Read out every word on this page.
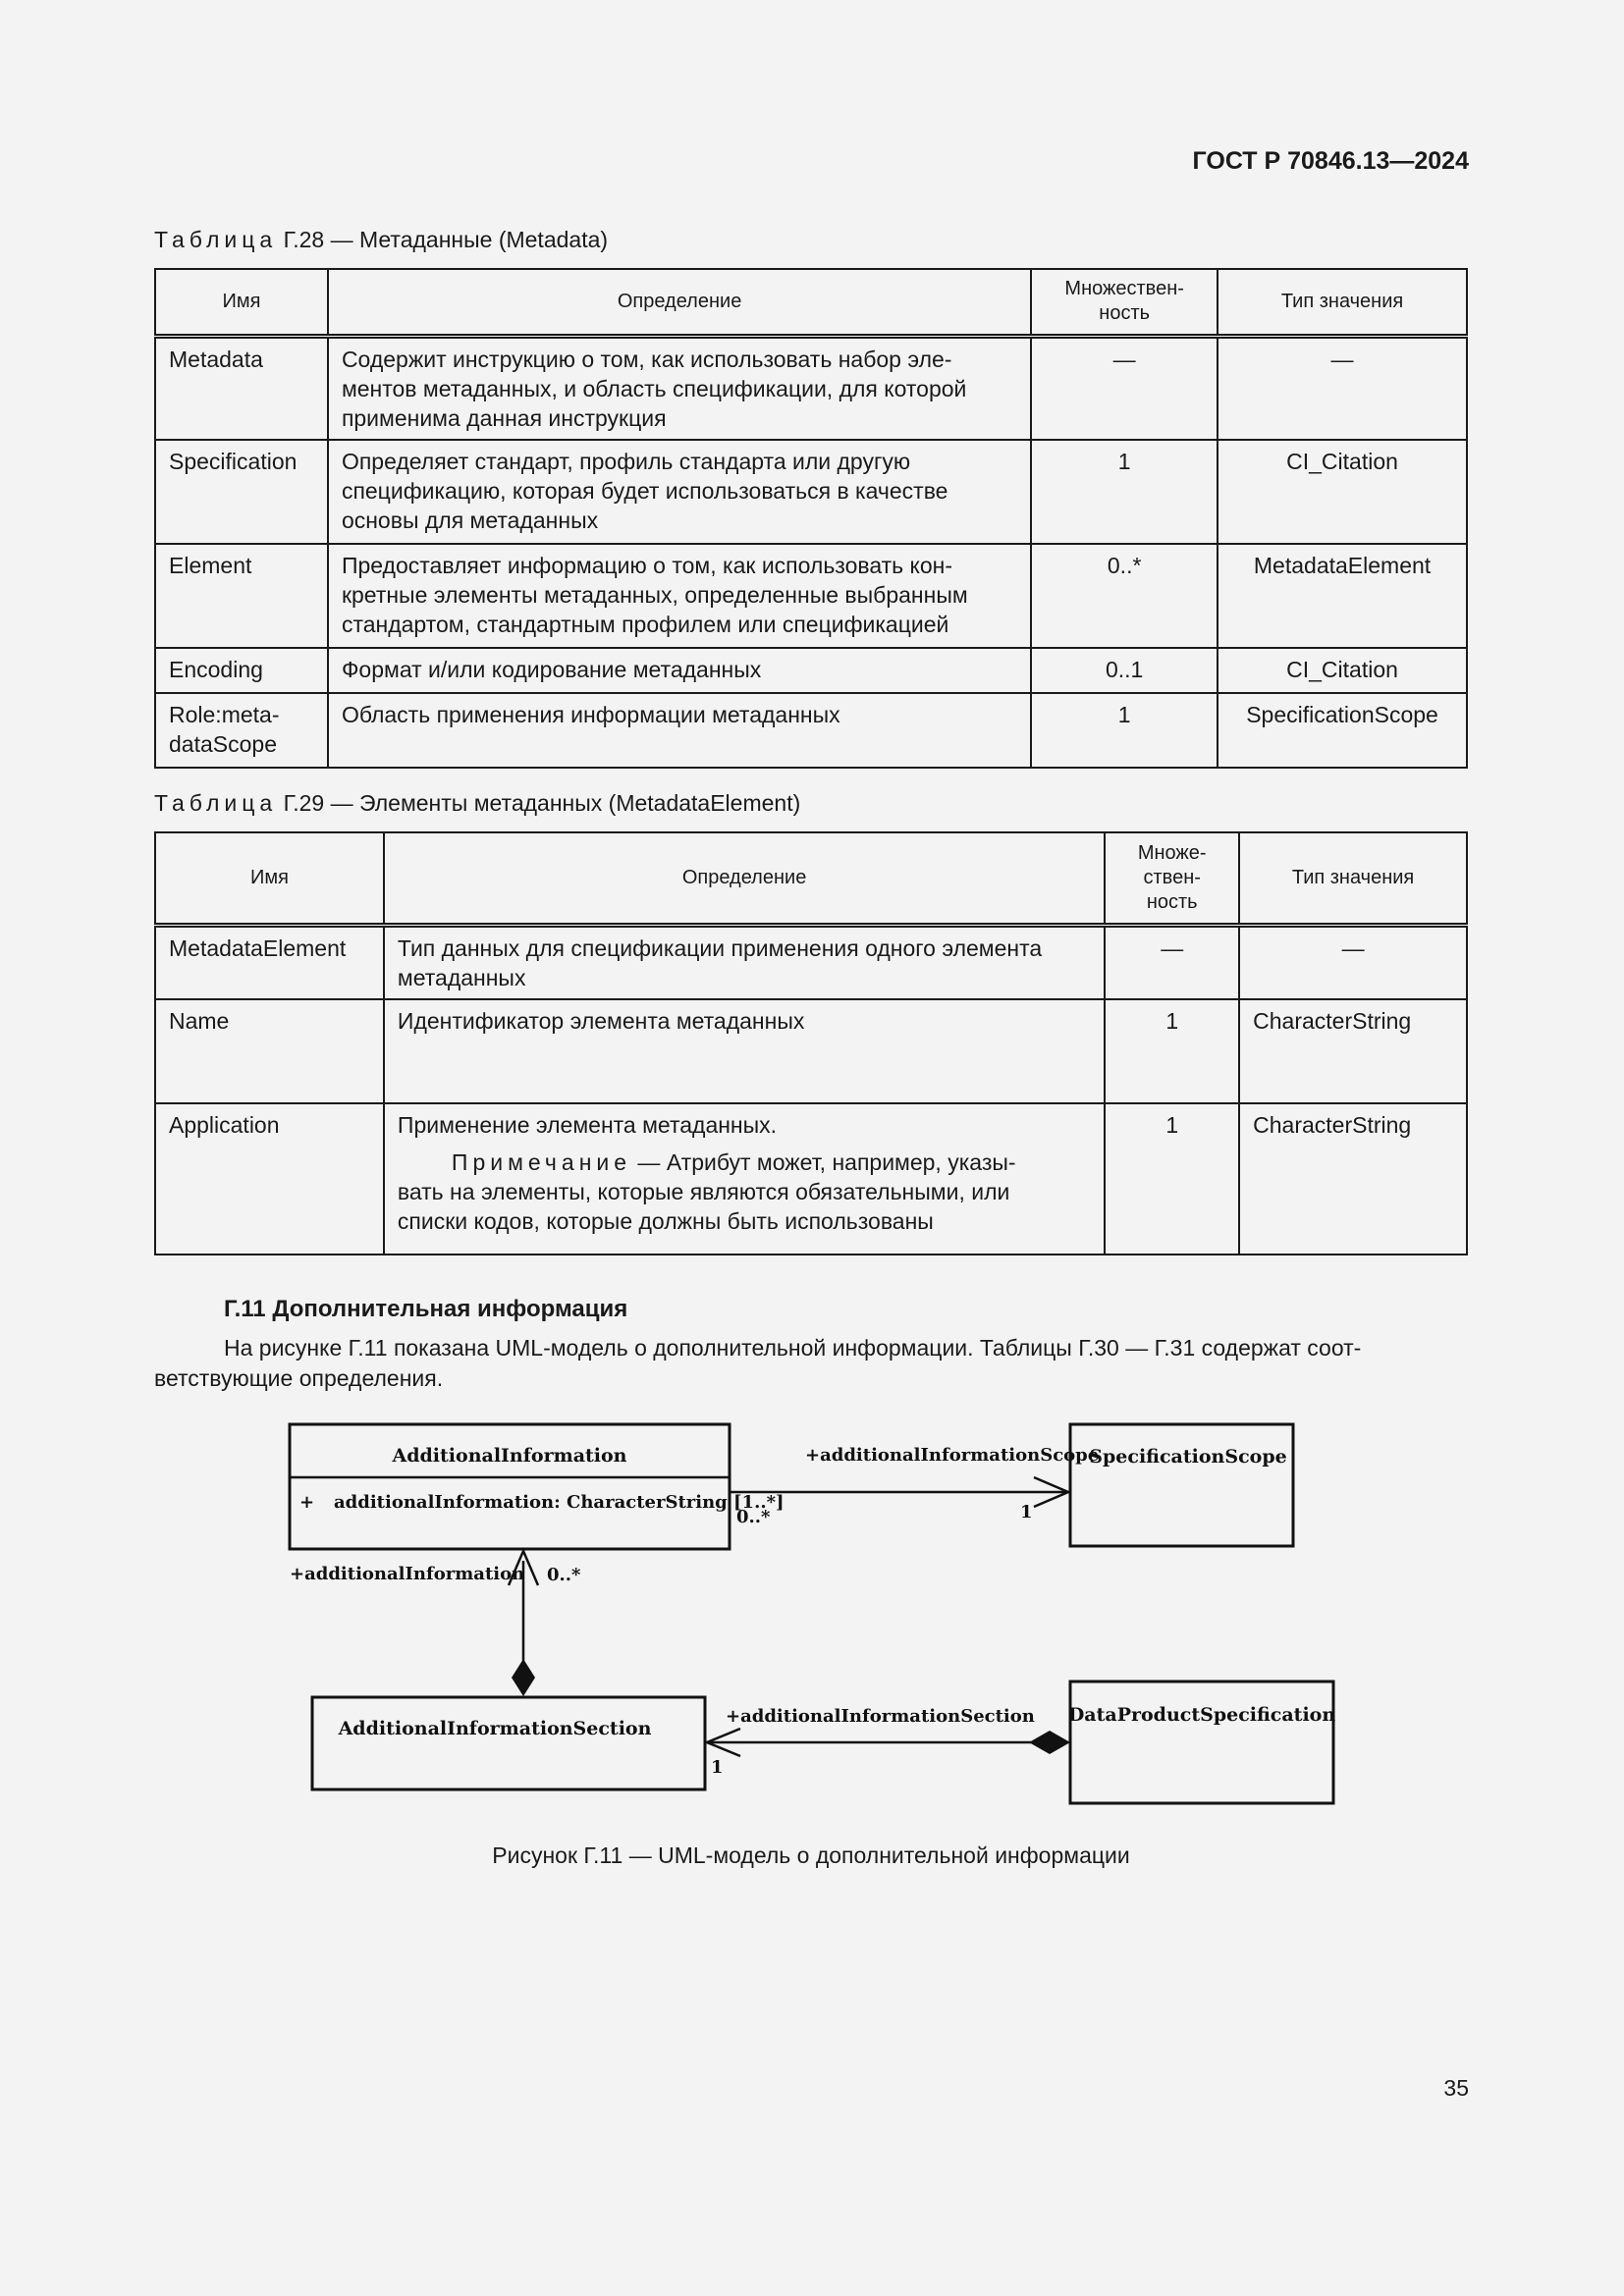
ГОСТ Р 70846.13—2024
Таблица Г.28 — Метаданные (Metadata)
Имя	Определение	Множествен-
ность	Тип значения
Metadata	Содержит инструкцию о том, как использовать набор эле-
ментов метаданных, и область спецификации, для которой
применима данная инструкция	—	—
Specification	Определяет стандарт, профиль стандарта или другую
спецификацию, которая будет использоваться в качестве
основы для метаданных	1	CI_Citation
Element	Предоставляет информацию о том, как использовать кон-
кретные элементы метаданных, определенные выбранным
стандартом, стандартным профилем или спецификацией	0..*	MetadataElement
Encoding	Формат и/или кодирование метаданных	0..1	CI_Citation
Role:meta-
dataScope	Область применения информации метаданных	1	SpecificationScope
Таблица Г.29 — Элементы метаданных (MetadataElement)
Имя	Определение	Множе-
ствен-
ность	Тип значения
MetadataElement	Тип данных для спецификации применения одного элемента
метаданных	—	—
Name	Идентификатор элемента метаданных	1	CharacterString
Application	Применение элемента метаданных.
Примечание — Атрибут может, например, указы-
вать на элементы, которые являются обязательными, или
списки кодов, которые должны быть использованы	1	CharacterString
Г.11 Дополнительная информация
На рисунке Г.11 показана UML-модель о дополнительной информации. Таблицы Г.30 — Г.31 содержат соот-
ветствующие определения.
AdditionalInformation
+ additionalInformation: CharacterString [1..*]
SpecificationScope
AdditionalInformationSection
DataProductSpecification
+additionalInformationScope
0..*	1
+additionalInformation 0..*
+additionalInformationSection
1
Рисунок Г.11 — UML-модель о дополнительной информации
35
